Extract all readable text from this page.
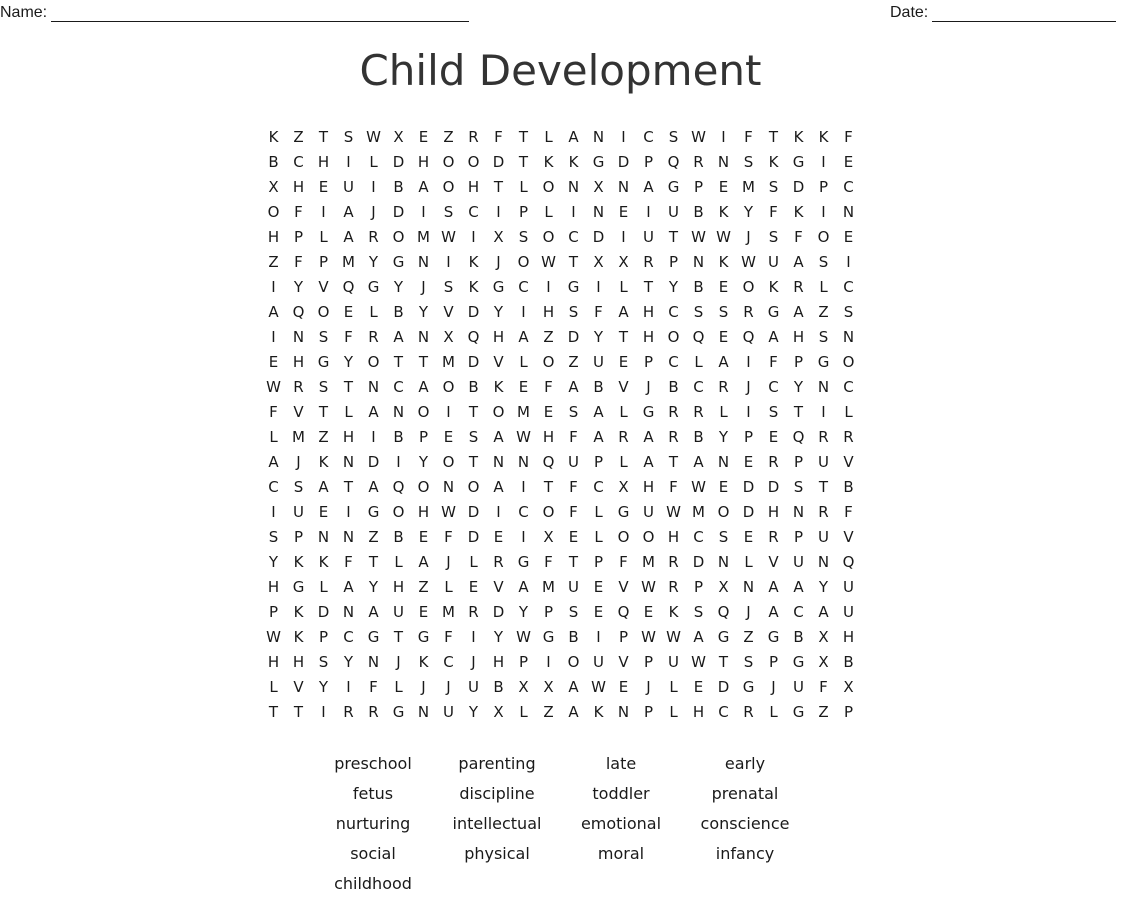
Name:	Date:
Child Development
K Z	T	S W X	E	Z R	F	T	L	A N	I	C	S W	I	F	T	K	K	F
B C H	I	L	D H O O D T	K	K G D P Q R N S	K G	I	E
X H E U	I	B A O H T	L O N X N A G P	E M S D P	C
O F	I	A	J	D	I	S C	I	P	L	I	N E	I	U B K	Y	F	K	I	N
H P	L	A R O M W	I	X	S O C D	I	U T W W	J	S	F O E
Z	F	P M Y G N	I	K	J	O W T	X X R	P N K W U A	S	I
I	Y	V Q G Y	J	S	K G C	I	G	I	L	T	Y	B	E O K R	L	C
A Q O E	L	B	Y	V D Y	I	H S	F	A H C	S	S	R G A Z	S
I	N S	F	R A N X Q H A Z D Y	T H O Q E Q A H S N
E H G Y O T	T M D V	L O Z U E	P	C	L	A	I	F	P G O
W R	S	T N C A O B K	E	F	A B V	J	B C R	J	C	Y N C
F	V	T	L	A N O	I	T O M E	S	A	L	G R R	L	I	S	T	I	L
L M Z H	I	B	P	E	S	A W H	F	A R A R B	Y	P	E Q R R
A	J	K N D	I	Y O T N N Q U P	L	A	T	A N E	R	P U V
C	S	A	T	A Q O N O A	I	T	F	C X H	F W E D D S	T	B
I	U E	I	G O H W D	I	C O F	L	G U W M O D H N R	F
S	P N N Z B	E	F D E	I	X	E	L O O H C	S	E	R	P U V
Y	K	K	F	T	L	A	J	L	R G F	T	P	F M R D N	L	V U N Q
H G	L	A	Y H Z	L	E	V A M U E	V W R	P	X N A A	Y U
P	K D N A U E M R D Y	P	S	E Q E	K	S Q	J	A C A U
W K	P	C G T G F	I	Y W G B	I	P W W A G Z G B X H
H H S	Y N	J	K C	J	H P	I	O U V	P U W T	S	P G X B
L	V	Y	I	F	L	J	J	U B X X A W E	J	L	E D G	J	U	F	X
T	T	I	R R G N U Y	X	L	Z A K N P	L	H C R	L	G Z	P
preschool	parenting	late	early
fetus	discipline	toddler	prenatal
nurturing	intellectual	emotional	conscience
social	physical	moral	infancy
childhood
